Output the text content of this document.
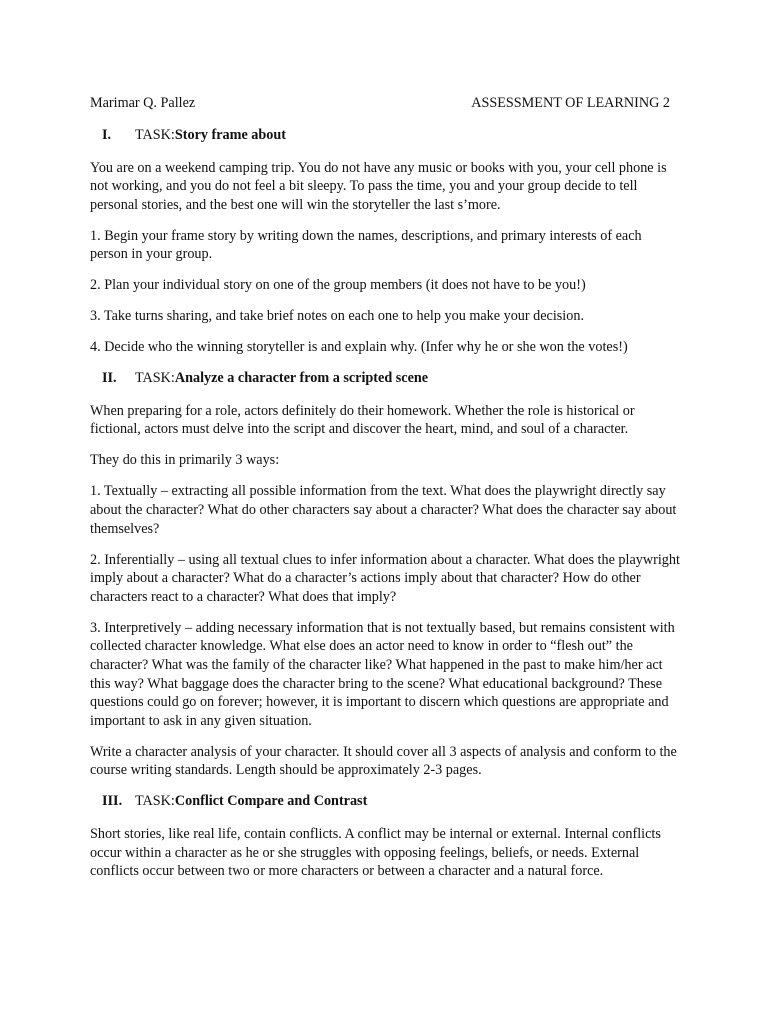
Marimar Q. Pallez	ASSESSMENT OF LEARNING 2
I.	TASK: Story frame about

You are on a weekend camping trip. You do not have any music or books with you, your cell phone is not working, and you do not feel a bit sleepy. To pass the time, you and your group decide to tell personal stories, and the best one will win the storyteller the last s’more.

1. Begin your frame story by writing down the names, descriptions, and primary interests of each person in your group.

2. Plan your individual story on one of the group members (it does not have to be you!)

3. Take turns sharing, and take brief notes on each one to help you make your decision.

4. Decide who the winning storyteller is and explain why. (Infer why he or she won the votes!)

II.	TASK: Analyze a character from a scripted scene

When preparing for a role, actors definitely do their homework. Whether the role is historical or fictional, actors must delve into the script and discover the heart, mind, and soul of a character.

They do this in primarily 3 ways:

1. Textually – extracting all possible information from the text. What does the playwright directly say about the character? What do other characters say about a character? What does the character say about themselves?

2. Inferentially – using all textual clues to infer information about a character. What does the playwright imply about a character? What do a character’s actions imply about that character? How do other characters react to a character? What does that imply?

3. Interpretively – adding necessary information that is not textually based, but remains consistent with collected character knowledge. What else does an actor need to know in order to “flesh out” the character? What was the family of the character like? What happened in the past to make him/her act this way? What baggage does the character bring to the scene? What educational background? These questions could go on forever; however, it is important to discern which questions are appropriate and important to ask in any given situation.

Write a character analysis of your character. It should cover all 3 aspects of analysis and conform to the course writing standards. Length should be approximately 2-3 pages.

III. TASK: Conflict Compare and Contrast

Short stories, like real life, contain conflicts. A conflict may be internal or external. Internal conflicts occur within a character as he or she struggles with opposing feelings, beliefs, or needs. External conflicts occur between two or more characters or between a character and a natural force.
